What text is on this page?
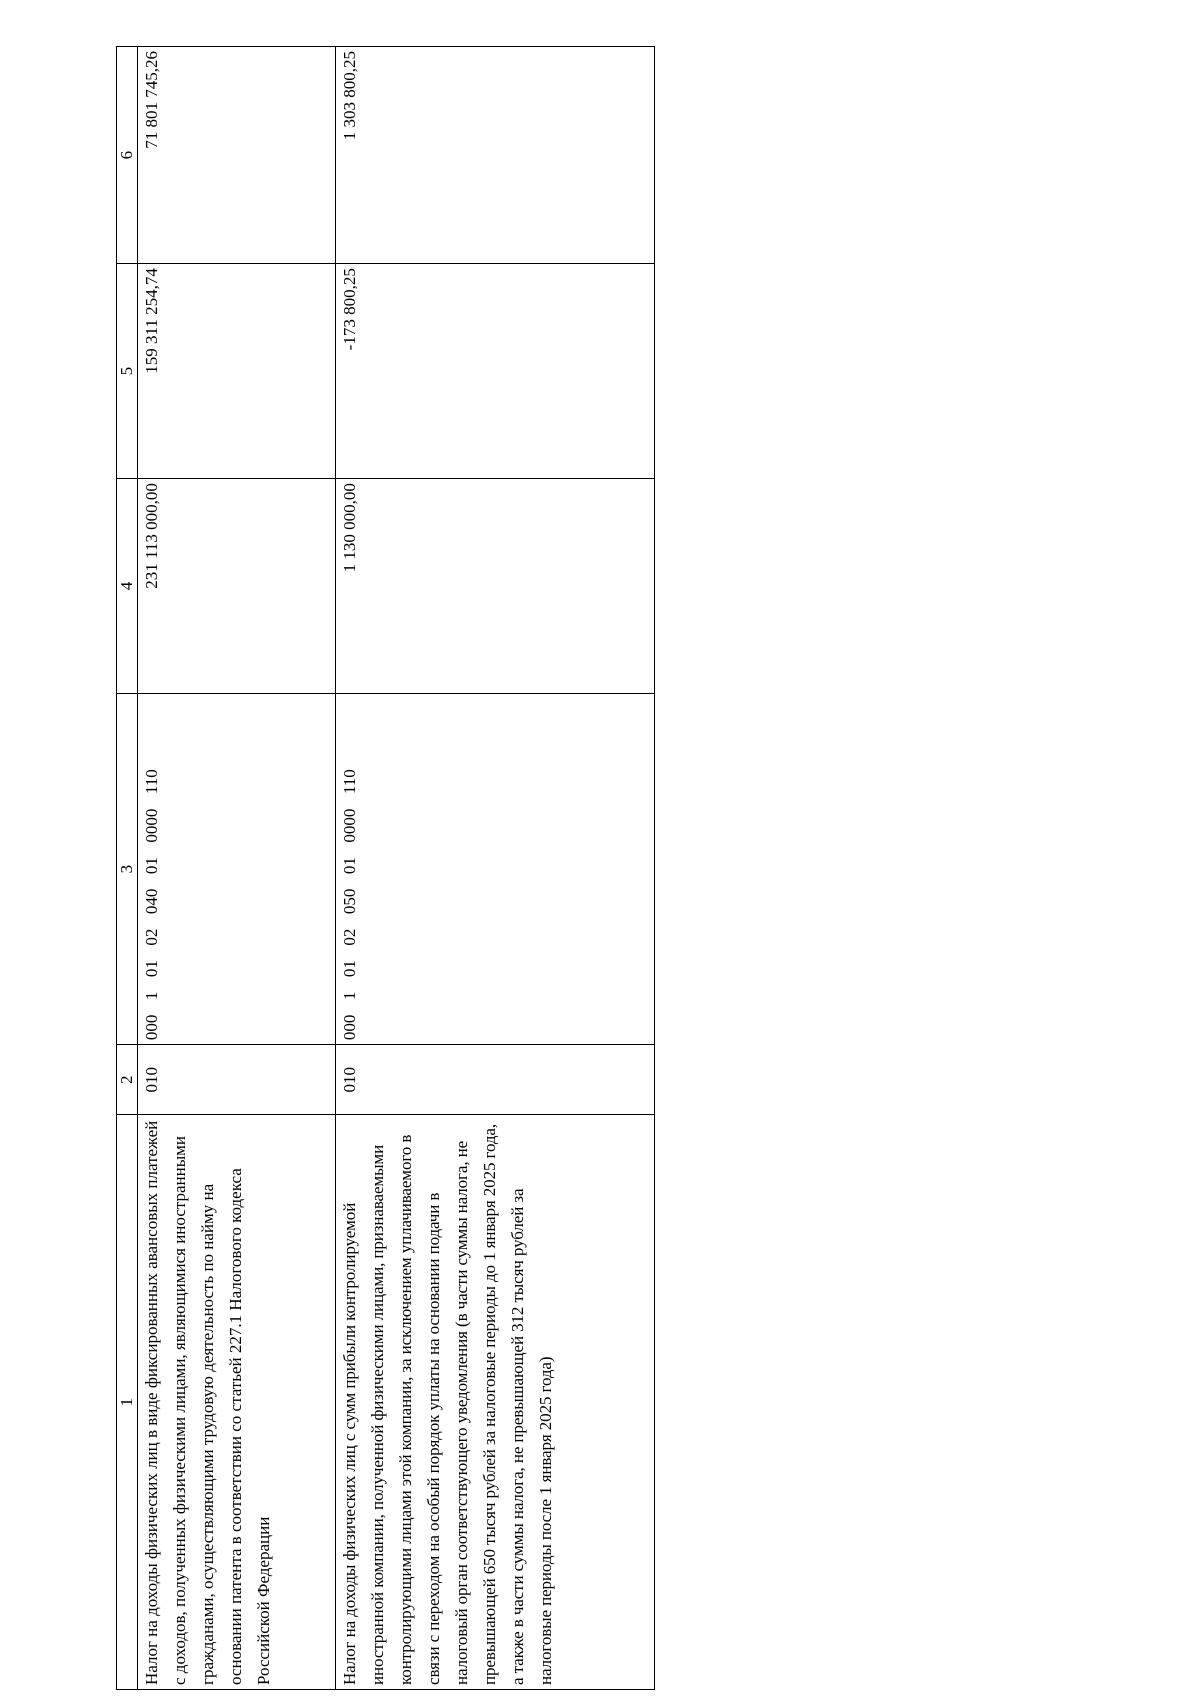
1	2	3	4	5	6
Налог на доходы физических лиц в виде фиксированных авансовых платежей с доходов, полученных физическими лицами, являющимися иностранными гражданами, осуществляющими трудовую деятельность по найму на основании патента в соответствии со статьей 227.1 Налогового кодекса Российской Федерации	010	000  1  01  02  040  01  0000  110	231 113 000,00	159 311 254,74	71 801 745,26
Налог на доходы физических лиц с сумм прибыли контролируемой иностранной компании, полученной физическими лицами, признаваемыми контролирующими лицами этой компании, за исключением уплачиваемого в связи с переходом на особый порядок уплаты на основании подачи в налоговый орган соответствующего уведомления (в части суммы налога, не превышающей 650 тысяч рублей за налоговые периоды до 1 января 2025 года, а также в части суммы налога, не превышающей 312 тысяч рублей за налоговые периоды после 1 января 2025 года)	010	000  1  01  02  050  01  0000  110	1 130 000,00	-173 800,25	1 303 800,25
